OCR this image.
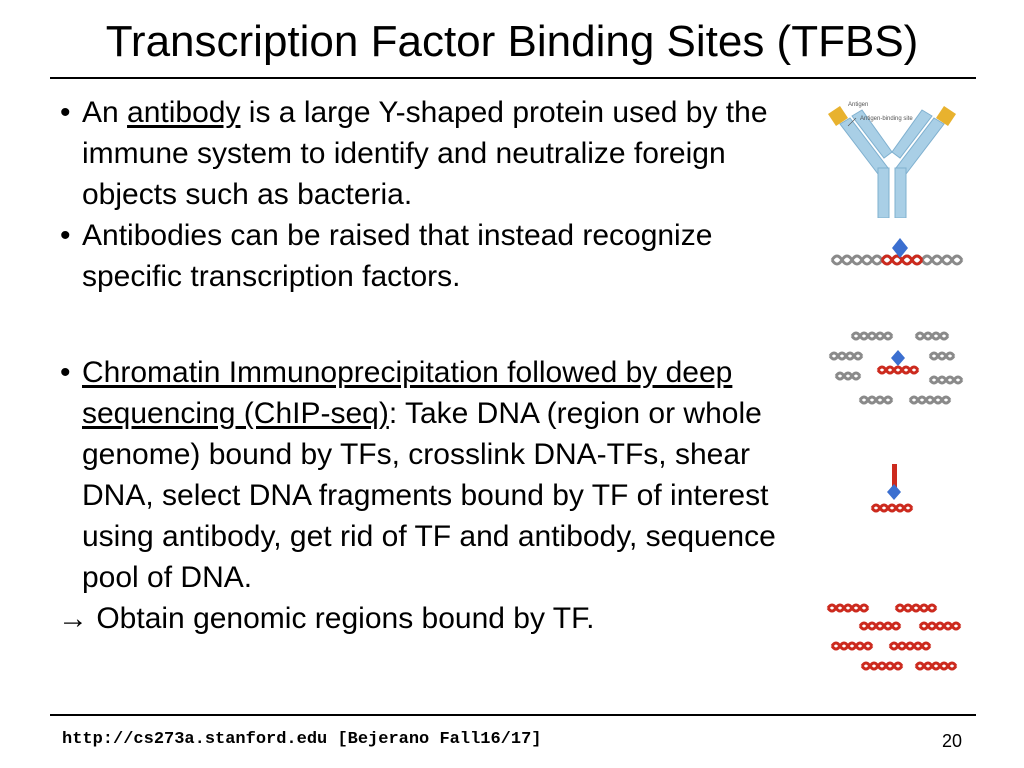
Transcription Factor Binding Sites (TFBS)
• An antibody is a large Y-shaped protein used by the immune system to identify and neutralize foreign objects such as bacteria.
• Antibodies can be raised that instead recognize specific transcription factors.
• Chromatin Immunoprecipitation followed by deep sequencing (ChIP-seq): Take DNA (region or whole genome) bound by TFs, crosslink DNA-TFs, shear DNA, select DNA fragments bound by TF of interest using antibody, get rid of TF and antibody, sequence pool of DNA.
→ Obtain genomic regions bound by TF.
Antigen
Antigen-binding site
http://cs273a.stanford.edu [Bejerano Fall16/17]	20
